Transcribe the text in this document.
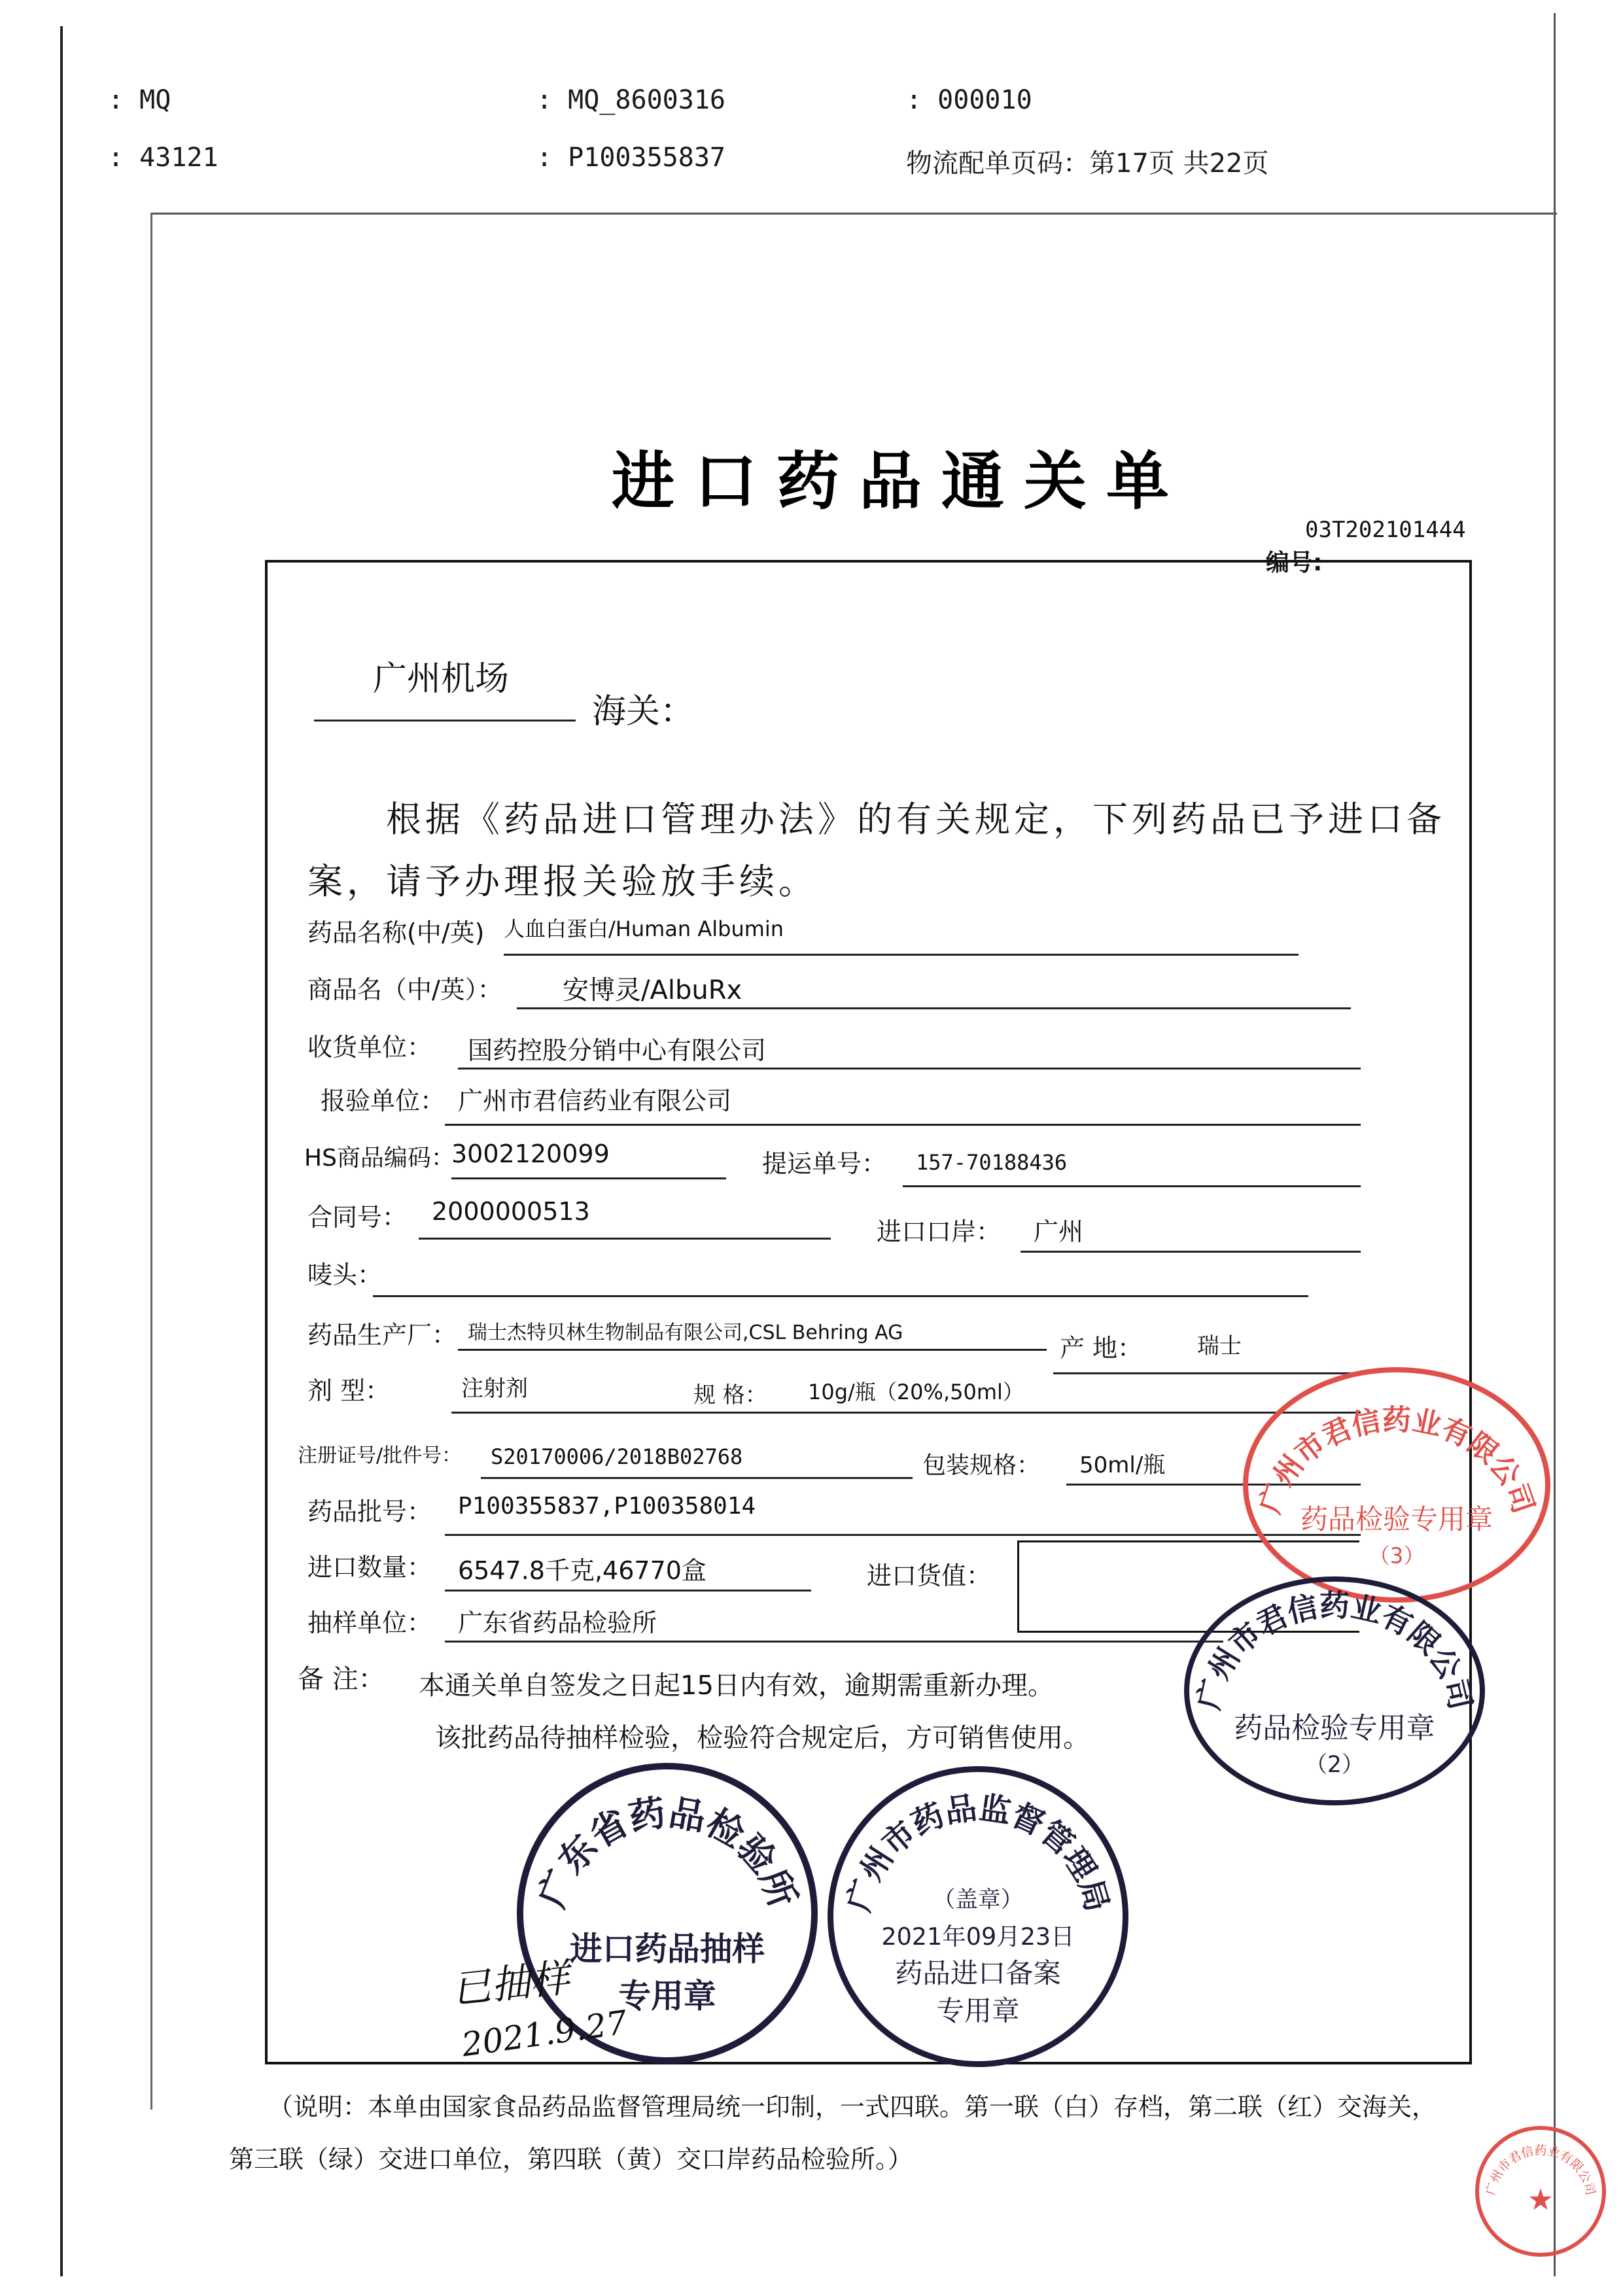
: MQ	: MQ_8600316	: 000010
: 43121	: P100355837	物流配单页码：第17页 共22页
进口药品通关单
03T202101444
编号:
广州机场
海关：
根据《药品进口管理办法》的有关规定，下列药品已予进口备
案，请予办理报关验放手续。
药品名称(中/英) 人血白蛋白/Human Albumin
商品名（中/英）： 安博灵/AlbuRx
收货单位： 国药控股分销中心有限公司
报验单位： 广州市君信药业有限公司
HS商品编码：
3002120099	提运单号： 157-70188436
合同号： 2000000513
进口口岸： 广州
唛头：
药品生产厂： 瑞士杰特贝林生物制品有限公司,CSL Behring AG
产 地： 瑞士
剂 型：	注射剂	规 格： 10g/瓶（20%,50ml）
注册证号/批件号： S20170006/2018B02768	包装规格： 50ml/瓶
药品批号： P100355837,P100358014
进口数量： 6547.8千克,46770盒	进口货值：
抽样单位： 广东省药品检验所
备 注： 本通关单自签发之日起15日内有效，逾期需重新办理。
该批药品待抽样检验，检验符合规定后，方可销售使用。
广州市君信药业有限公司
药品检验专用章
（3）
广州市君信药业有限公司
药品检验专用章
（2）
广东省药品检验所
进口药品抽样
专用章
广州市药品监督管理局
（盖章）
2021年09月23日
药品进口备案
专用章
已抽样
2021.9.27
（说明：本单由国家食品药品监督管理局统一印制，一式四联。第一联（白）存档，第二联（红）交海关，
第三联（绿）交进口单位，第四联（黄）交口岸药品检验所。）
广州市君信药业有限公司
★
